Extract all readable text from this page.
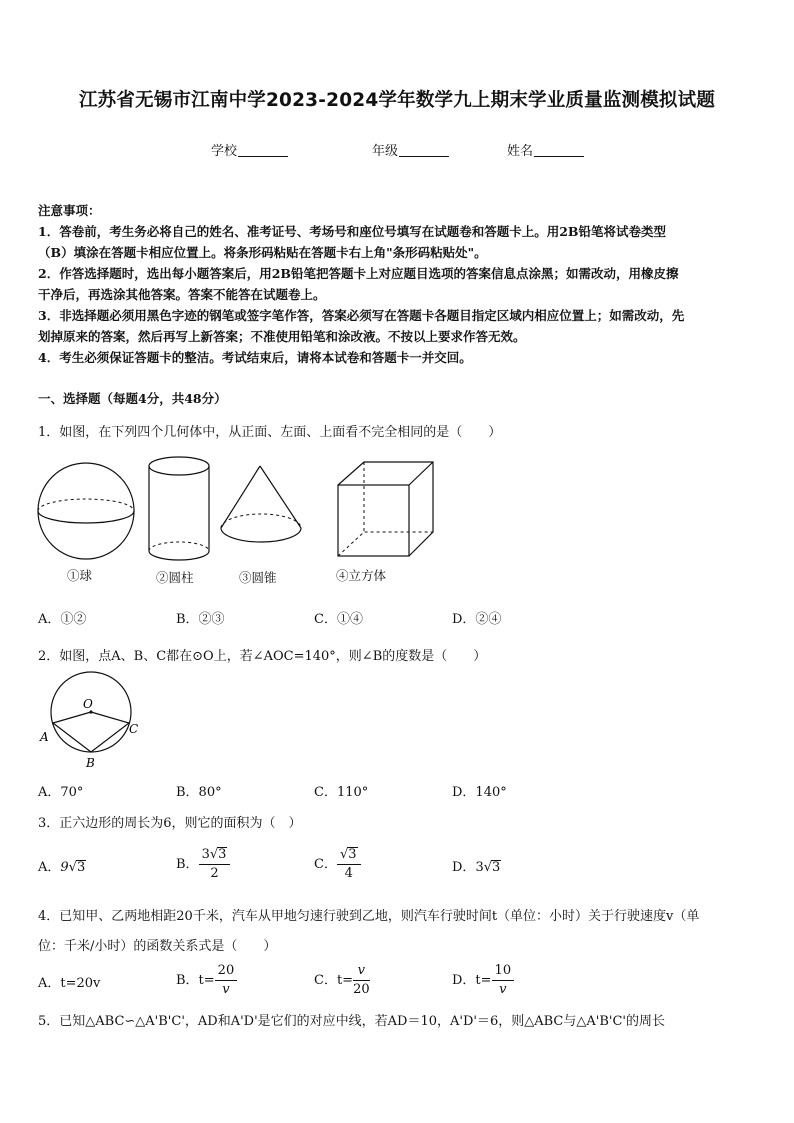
江苏省无锡市江南中学2023-2024学年数学九上期末学业质量监测模拟试题
学校	年级	姓名
注意事项：
1．答卷前，考生务必将自己的姓名、准考证号、考场号和座位号填写在试题卷和答题卡上。用2B铅笔将试卷类型
（B）填涂在答题卡相应位置上。将条形码粘贴在答题卡右上角"条形码粘贴处"。
2．作答选择题时，选出每小题答案后，用2B铅笔把答题卡上对应题目选项的答案信息点涂黑；如需改动，用橡皮擦
干净后，再选涂其他答案。答案不能答在试题卷上。
3．非选择题必须用黑色字迹的钢笔或签字笔作答，答案必须写在答题卡各题目指定区域内相应位置上；如需改动，先
划掉原来的答案，然后再写上新答案；不准使用铅笔和涂改液。不按以上要求作答无效。
4．考生必须保证答题卡的整洁。考试结束后，请将本试卷和答题卡一并交回。
一、选择题（每题4分，共48分）
1．如图，在下列四个几何体中，从正面、左面、上面看不完全相同的是（　　）
①球	②圆柱	③圆锥	④立方体
A．①②	B．②③	C．①④	D．②④
2．如图，点A、B、C都在⊙O上，若∠AOC=140°，则∠B的度数是（　　）
O
A
B
C
A．70°	B．80°	C．110°	D．140°
3．正六边形的周长为6，则它的面积为（　）
A．9√3	B． $\frac{3√3}{2}$	C． $\frac{√3}{4}$	D．3√3
4．已知甲、乙两地相距20千米，汽车从甲地匀速行驶到乙地，则汽车行驶时间t（单位：小时）关于行驶速度v（单
位：千米/小时）的函数关系式是（　　）
A．t=20v	B．$t= \frac{20}{v}$	C．$t= \frac{v}{20}$	D．$t= \frac{10}{v}$
5．已知△ABC∽△A'B'C'，AD和A'D'是它们的对应中线，若AD＝10，A'D'＝6，则△ABC与△A'B'C'的周长
